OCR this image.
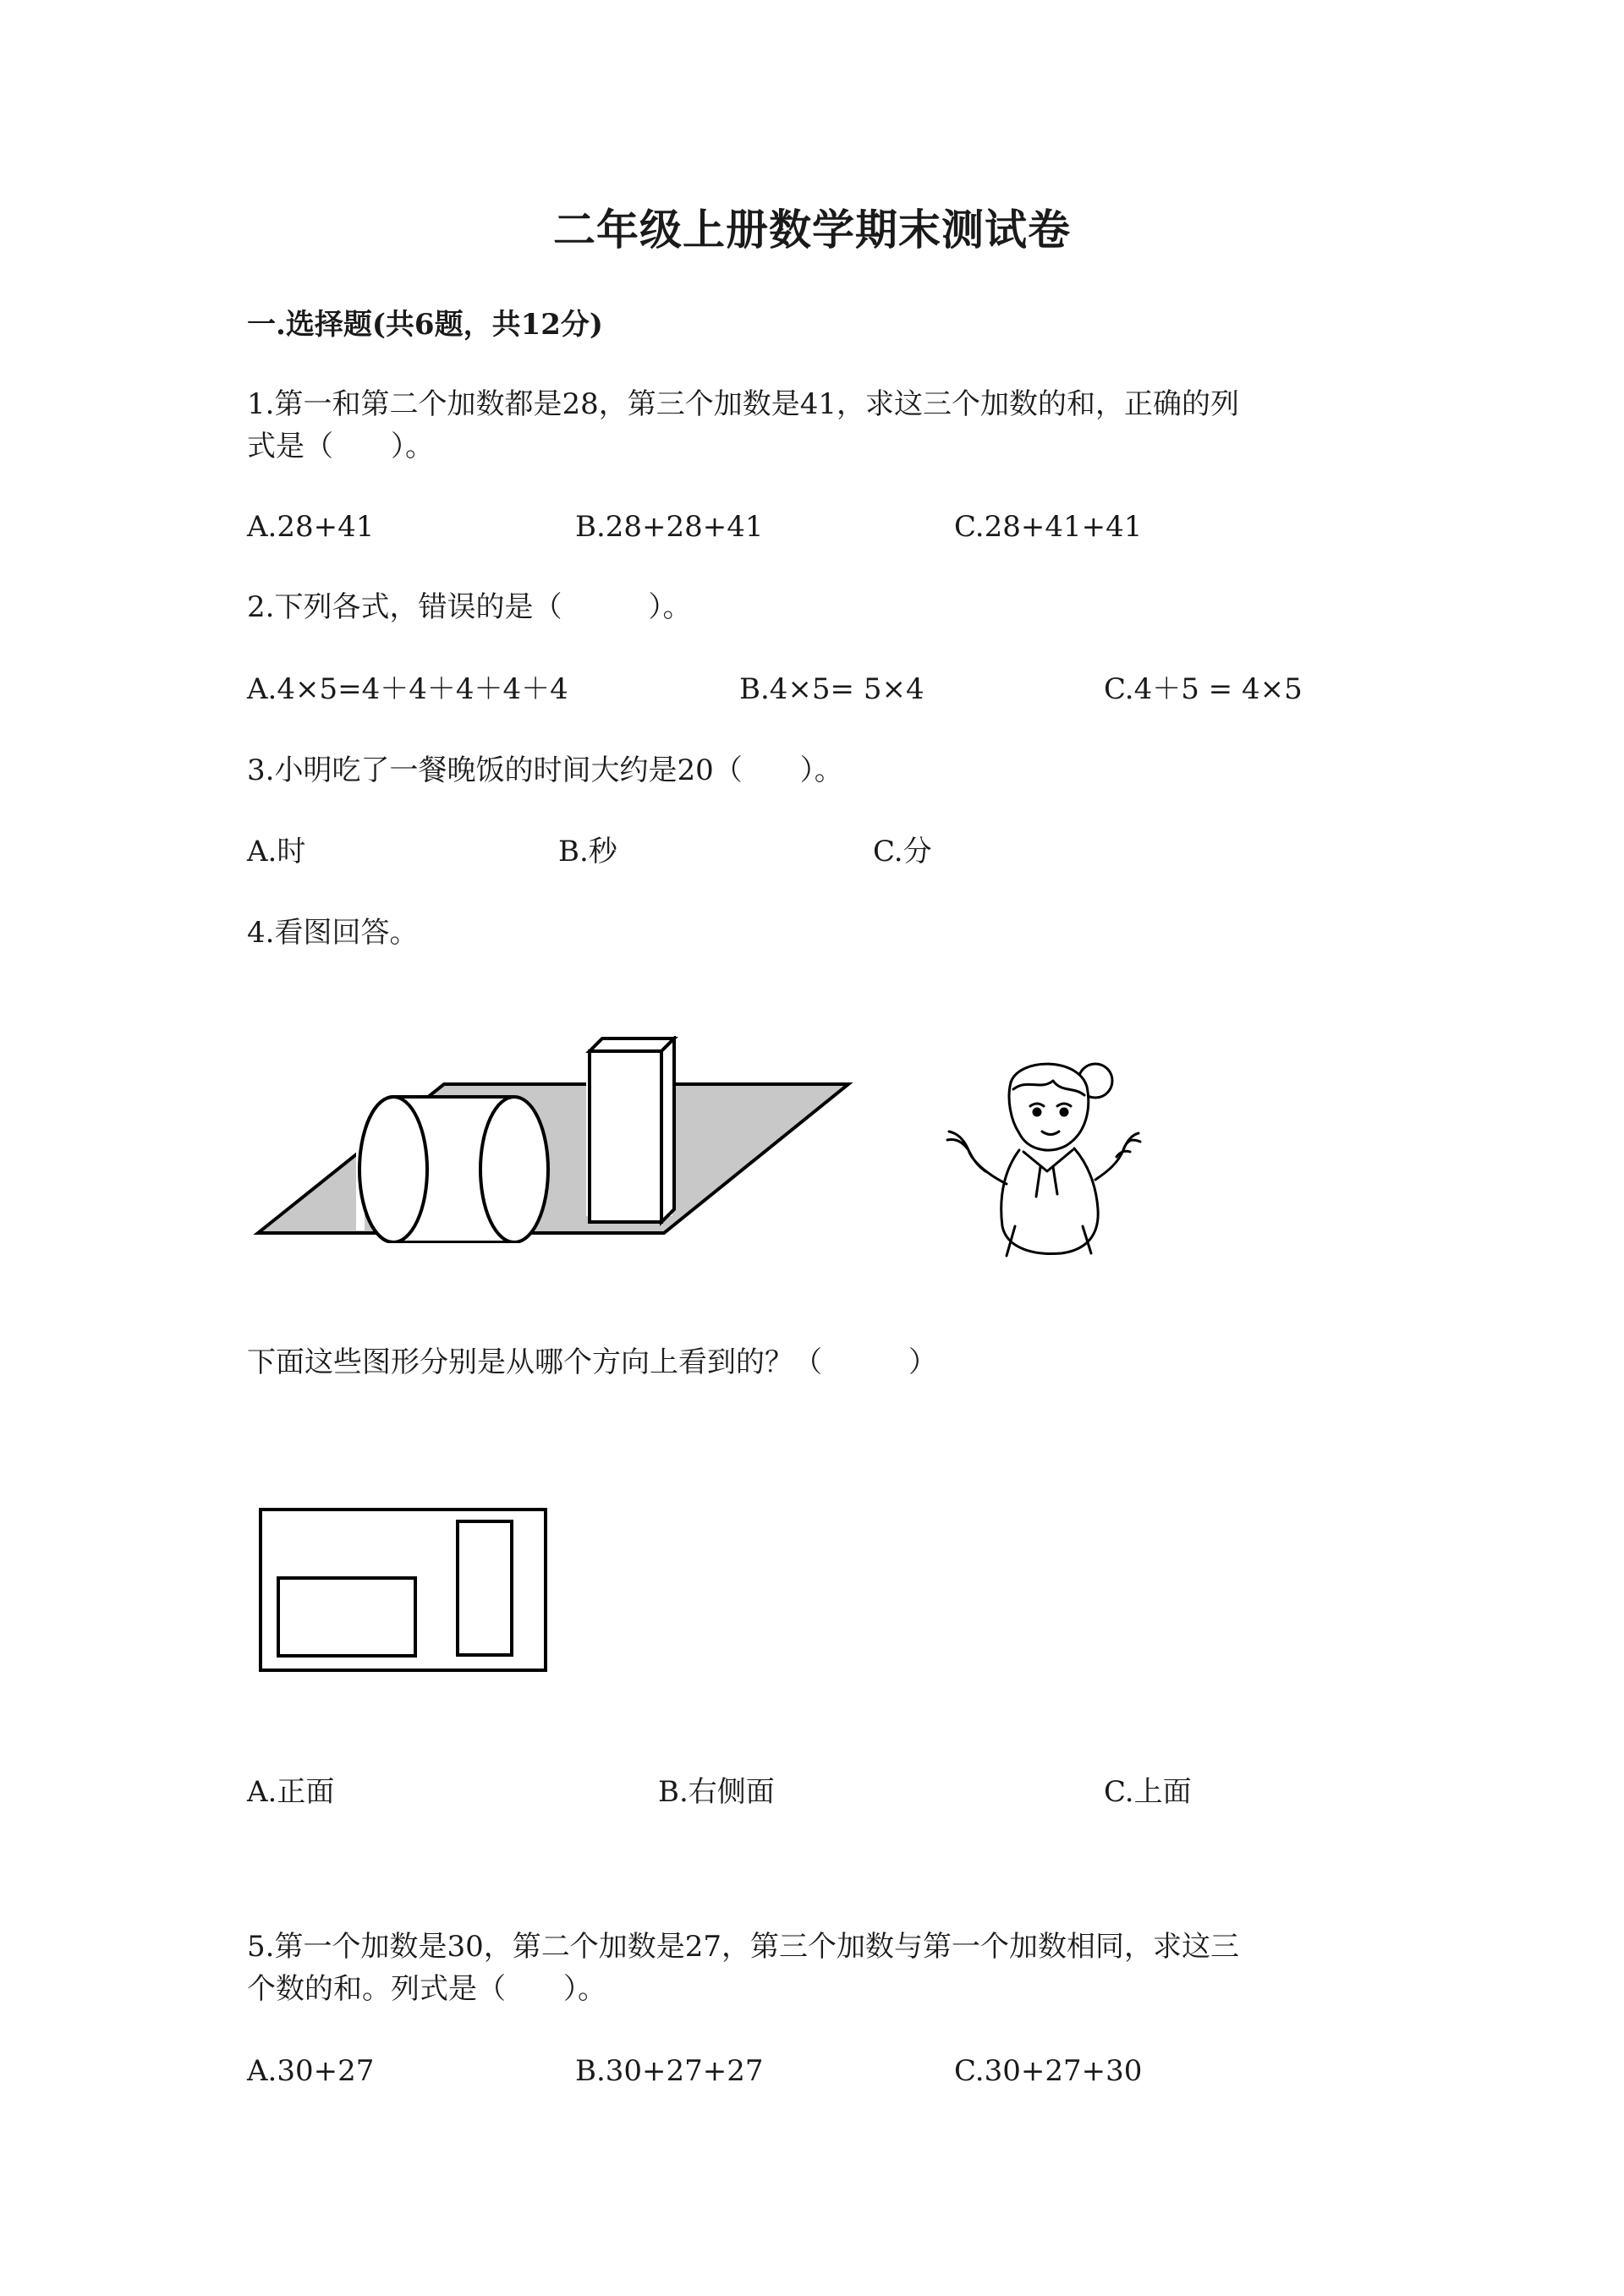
二年级上册数学期末测试卷
一.选择题(共6题，共12分)
1.第一和第二个加数都是28，第三个加数是41，求这三个加数的和，正确的列
式是（　　）。
A.28+41	B.28+28+41	C.28+41+41
2.下列各式，错误的是（　　　）。
A.4×5=4＋4＋4＋4＋4	B.4×5= 5×4	C.4＋5 = 4×5
3.小明吃了一餐晚饭的时间大约是20（　　）。
A.时	B.秒	C.分
4.看图回答。
下面这些图形分别是从哪个方向上看到的？（　　　）
A.正面	B.右侧面	C.上面
5.第一个加数是30，第二个加数是27，第三个加数与第一个加数相同，求这三
个数的和。列式是（　　）。
A.30+27	B.30+27+27	C.30+27+30
